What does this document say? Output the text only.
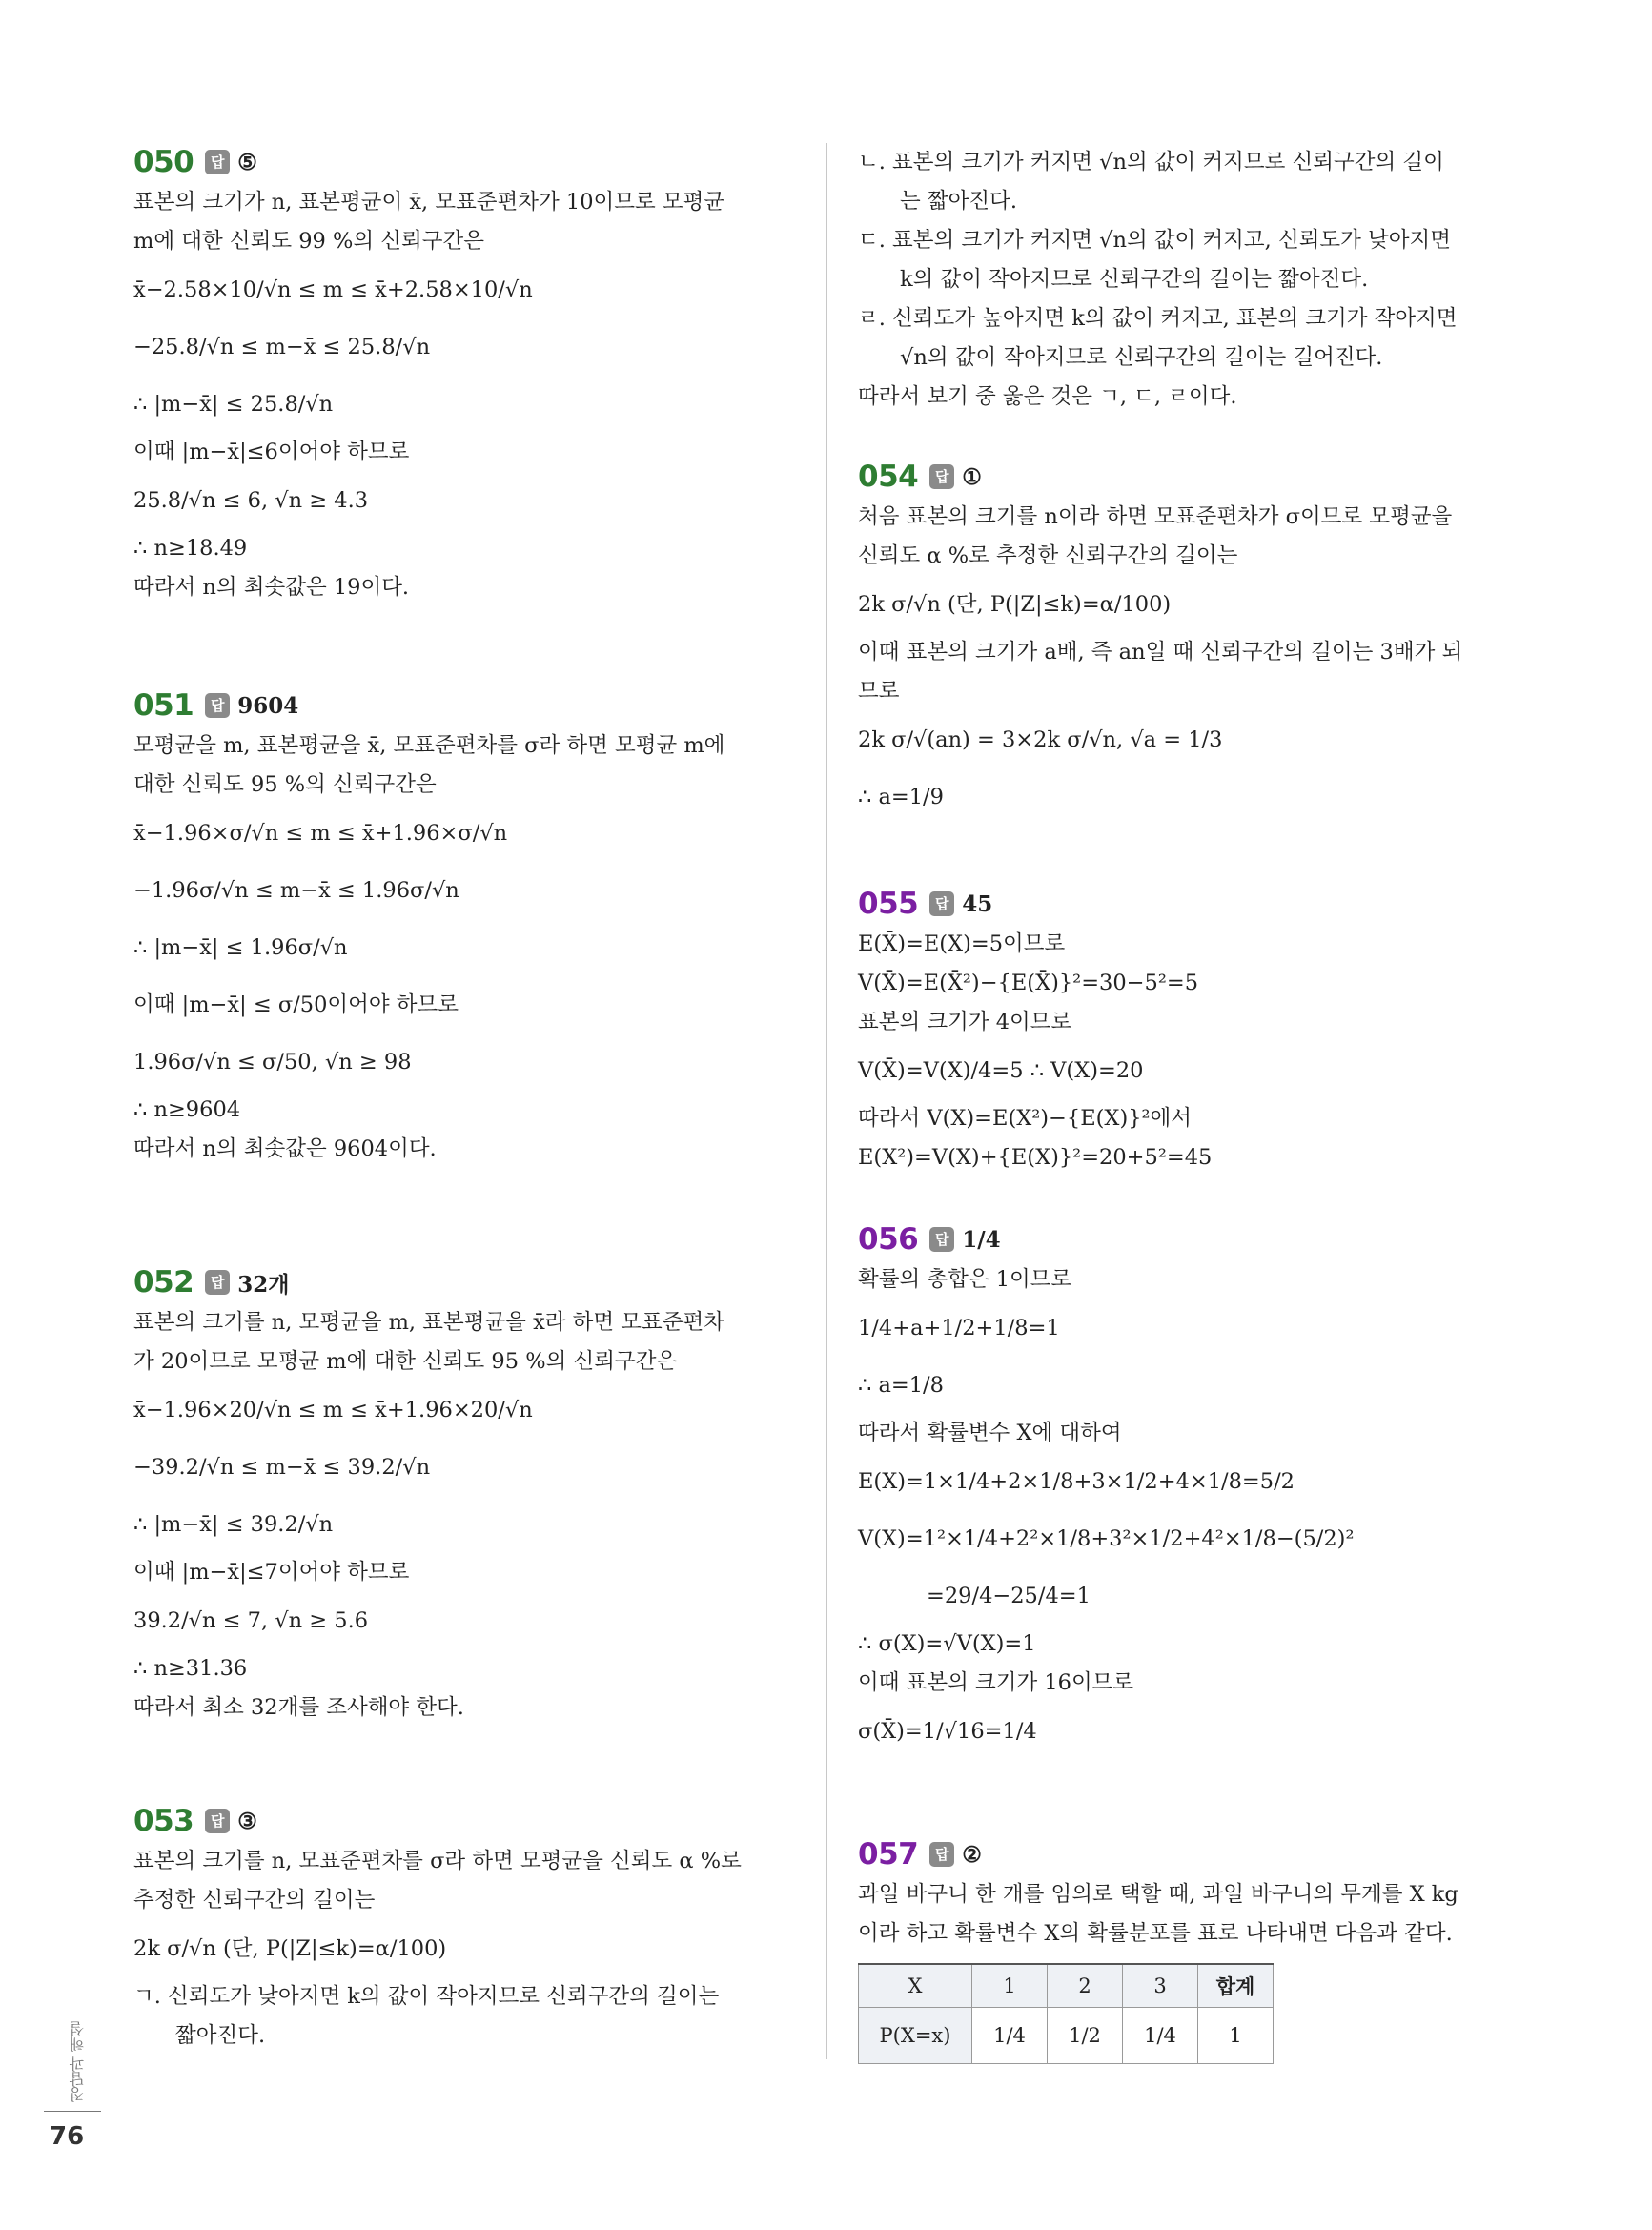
050	답 ⑤
표본의 크기가 n, 표본평균이 x̄, 모표준편차가 10이므로 모평균
m에 대한 신뢰도 99 %의 신뢰구간은
x̄−2.58×10/√n ≤ m ≤ x̄+2.58×10/√n
−25.8/√n ≤ m−x̄ ≤ 25.8/√n
∴ |m−x̄| ≤ 25.8/√n
이때 |m−x̄|≤6이어야 하므로
25.8/√n ≤ 6, √n ≥ 4.3
∴ n≥18.49
따라서 n의 최솟값은 19이다.
051	답 9604
모평균을 m, 표본평균을 x̄, 모표준편차를 σ라 하면 모평균 m에
대한 신뢰도 95 %의 신뢰구간은
x̄−1.96×σ/√n ≤ m ≤ x̄+1.96×σ/√n
−1.96σ/√n ≤ m−x̄ ≤ 1.96σ/√n
∴ |m−x̄| ≤ 1.96σ/√n
이때 |m−x̄| ≤ σ/50이어야 하므로
1.96σ/√n ≤ σ/50, √n ≥ 98
∴ n≥9604
따라서 n의 최솟값은 9604이다.
052	답 32개
표본의 크기를 n, 모평균을 m, 표본평균을 x̄라 하면 모표준편차
가 20이므로 모평균 m에 대한 신뢰도 95 %의 신뢰구간은
x̄−1.96×20/√n ≤ m ≤ x̄+1.96×20/√n
−39.2/√n ≤ m−x̄ ≤ 39.2/√n
∴ |m−x̄| ≤ 39.2/√n
이때 |m−x̄|≤7이어야 하므로
39.2/√n ≤ 7, √n ≥ 5.6
∴ n≥31.36
따라서 최소 32개를 조사해야 한다.
053	답 ③
표본의 크기를 n, 모표준편차를 σ라 하면 모평균을 신뢰도 α %로
추정한 신뢰구간의 길이는
2k σ/√n (단, P(|Z|≤k)=α/100)
ㄱ. 신뢰도가 낮아지면 k의 값이 작아지므로 신뢰구간의 길이는
짧아진다.
ㄴ. 표본의 크기가 커지면 √n의 값이 커지므로 신뢰구간의 길이
는 짧아진다.
ㄷ. 표본의 크기가 커지면 √n의 값이 커지고, 신뢰도가 낮아지면
k의 값이 작아지므로 신뢰구간의 길이는 짧아진다.
ㄹ. 신뢰도가 높아지면 k의 값이 커지고, 표본의 크기가 작아지면
√n의 값이 작아지므로 신뢰구간의 길이는 길어진다.
따라서 보기 중 옳은 것은 ㄱ, ㄷ, ㄹ이다.
054	답 ①
처음 표본의 크기를 n이라 하면 모표준편차가 σ이므로 모평균을
신뢰도 α %로 추정한 신뢰구간의 길이는
2k σ/√n (단, P(|Z|≤k)=α/100)
이때 표본의 크기가 a배, 즉 an일 때 신뢰구간의 길이는 3배가 되
므로
2k σ/√(an) = 3×2k σ/√n, √a = 1/3
∴ a=1/9
055	답 45
E(X̄)=E(X)=5이므로
V(X̄)=E(X̄²)−{E(X̄)}²=30−5²=5
표본의 크기가 4이므로
V(X̄)=V(X)/4=5 ∴ V(X)=20
따라서 V(X)=E(X²)−{E(X)}²에서
E(X²)=V(X)+{E(X)}²=20+5²=45
056	답 1/4
확률의 총합은 1이므로
1/4+a+1/2+1/8=1
∴ a=1/8
따라서 확률변수 X에 대하여
E(X)=1×1/4+2×1/8+3×1/2+4×1/8=5/2
V(X)=1²×1/4+2²×1/8+3²×1/2+4²×1/8−(5/2)²
=29/4−25/4=1
∴ σ(X)=√V(X)=1
이때 표본의 크기가 16이므로
σ(X̄)=1/√16=1/4
057	답 ②
과일 바구니 한 개를 임의로 택할 때, 과일 바구니의 무게를 X kg
이라 하고 확률변수 X의 확률분포를 표로 나타내면 다음과 같다.
X	1	2	3	합계
P(X=x)	1/4	1/2	1/4	1
정답과 해설
76
